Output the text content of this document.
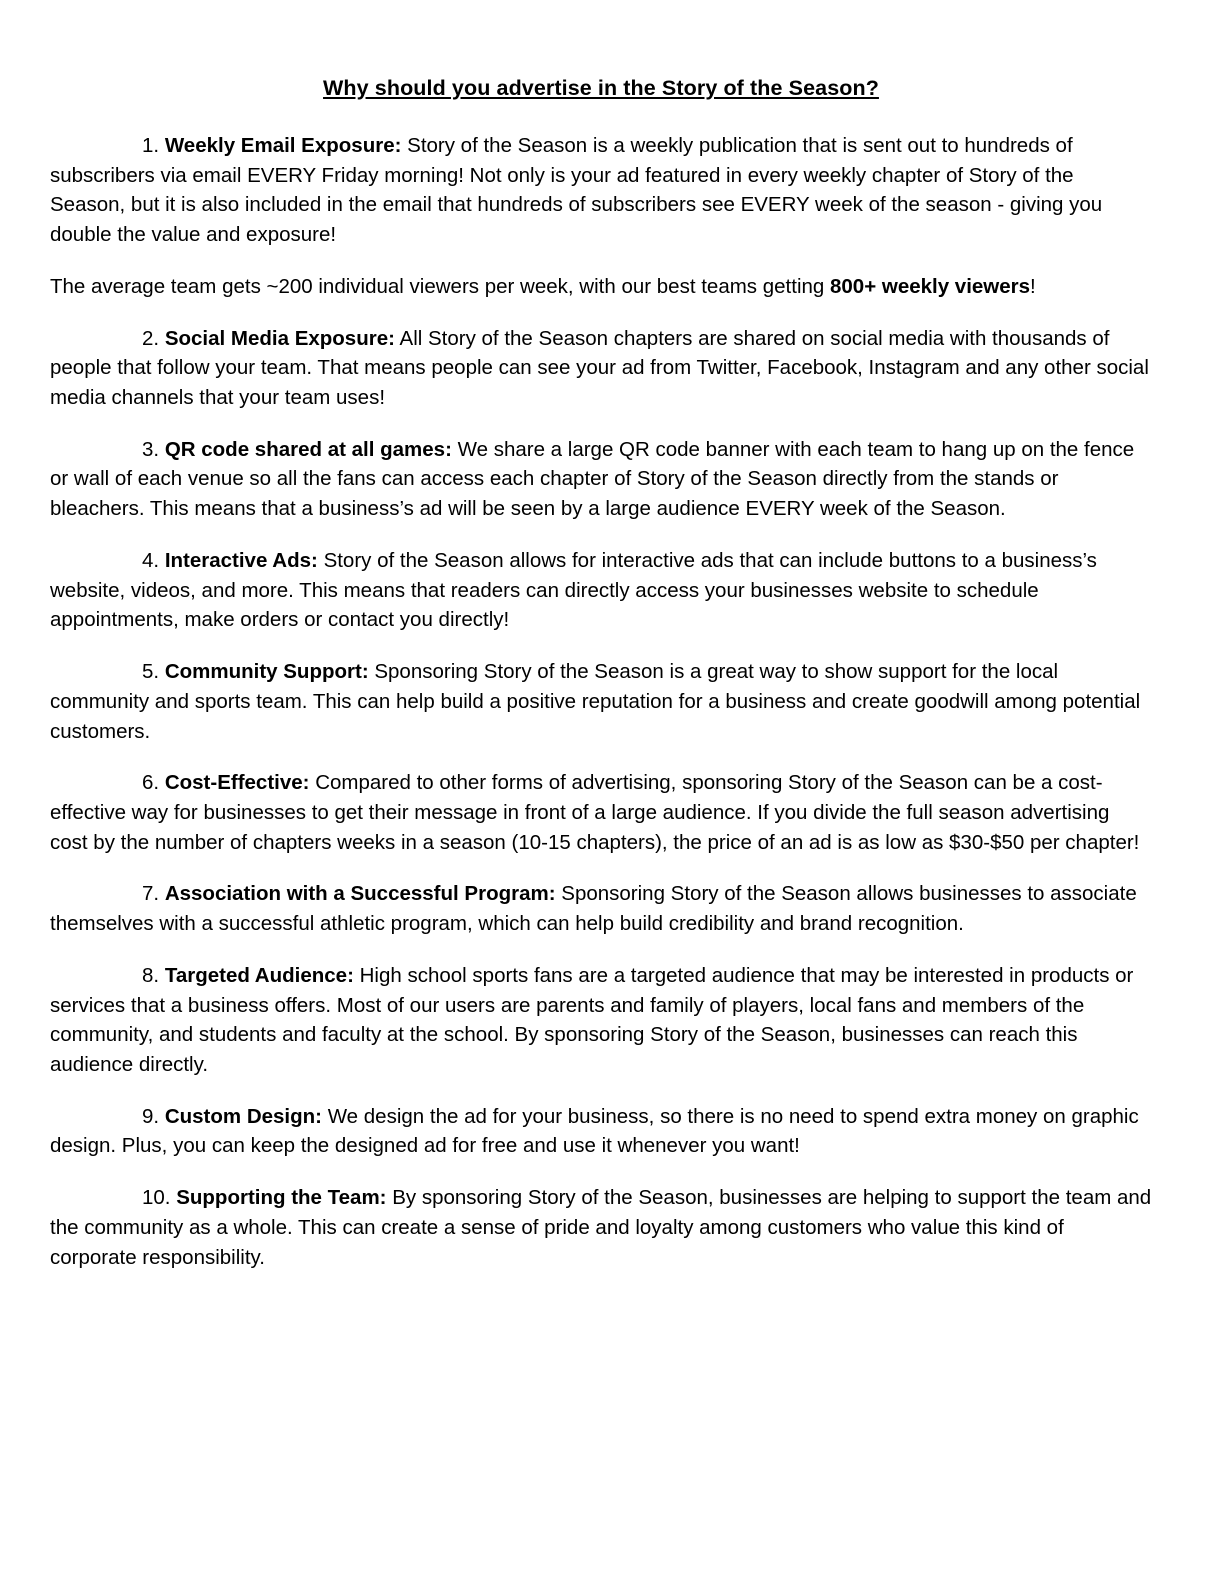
Why should you advertise in the Story of the Season?

1. Weekly Email Exposure: Story of the Season is a weekly publication that is sent out to hundreds of subscribers via email EVERY Friday morning! Not only is your ad featured in every weekly chapter of Story of the Season, but it is also included in the email that hundreds of subscribers see EVERY week of the season - giving you double the value and exposure!

The average team gets ~200 individual viewers per week, with our best teams getting 800+ weekly viewers!

2. Social Media Exposure: All Story of the Season chapters are shared on social media with thousands of people that follow your team. That means people can see your ad from Twitter, Facebook, Instagram and any other social media channels that your team uses!

3. QR code shared at all games: We share a large QR code banner with each team to hang up on the fence or wall of each venue so all the fans can access each chapter of Story of the Season directly from the stands or bleachers. This means that a business’s ad will be seen by a large audience EVERY week of the Season.

4. Interactive Ads: Story of the Season allows for interactive ads that can include buttons to a business’s website, videos, and more. This means that readers can directly access your businesses website to schedule appointments, make orders or contact you directly!

5. Community Support: Sponsoring Story of the Season is a great way to show support for the local community and sports team. This can help build a positive reputation for a business and create goodwill among potential customers.

6. Cost-Effective: Compared to other forms of advertising, sponsoring Story of the Season can be a cost-effective way for businesses to get their message in front of a large audience. If you divide the full season advertising cost by the number of chapters weeks in a season (10-15 chapters), the price of an ad is as low as $30-$50 per chapter!

7. Association with a Successful Program: Sponsoring Story of the Season allows businesses to associate themselves with a successful athletic program, which can help build credibility and brand recognition.

8. Targeted Audience: High school sports fans are a targeted audience that may be interested in products or services that a business offers. Most of our users are parents and family of players, local fans and members of the community, and students and faculty at the school. By sponsoring Story of the Season, businesses can reach this audience directly.

9. Custom Design: We design the ad for your business, so there is no need to spend extra money on graphic design. Plus, you can keep the designed ad for free and use it whenever you want!

10. Supporting the Team: By sponsoring Story of the Season, businesses are helping to support the team and the community as a whole. This can create a sense of pride and loyalty among customers who value this kind of corporate responsibility.
